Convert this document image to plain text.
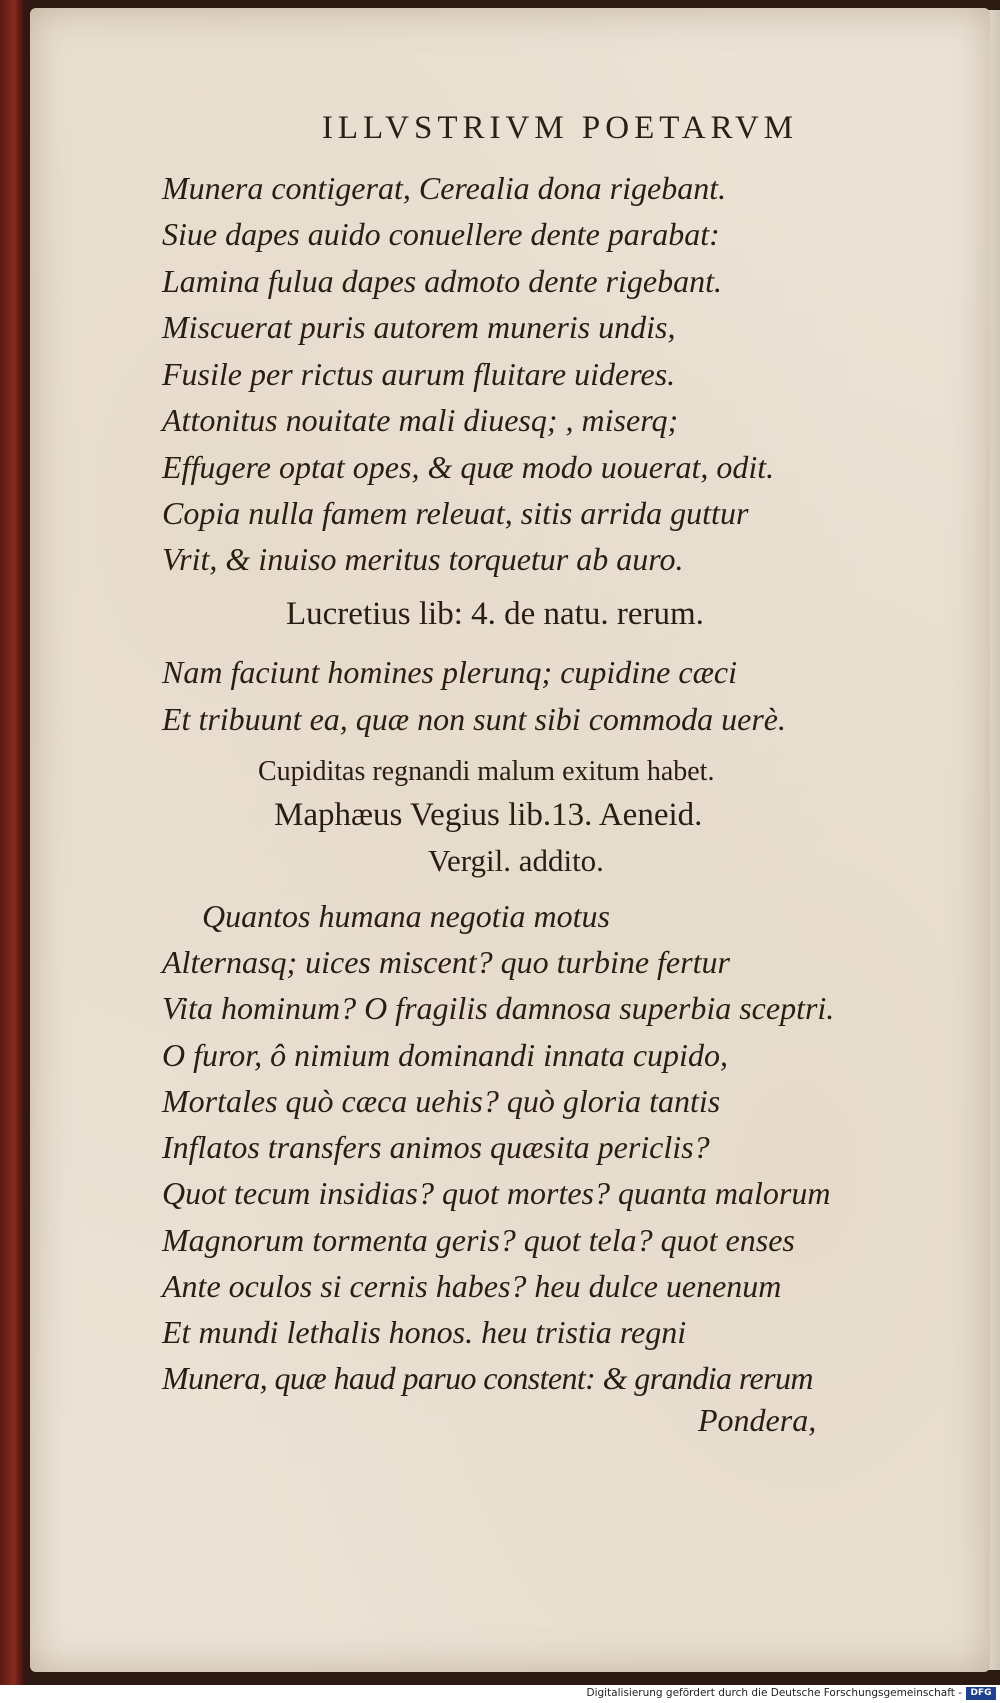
ILLVSTRIVM POETARVM
Munera contigerat, Cerealia dona rigebant.
Siue dapes auido conuellere dente parabat:
Lamina fulua dapes admoto dente rigebant.
Miscuerat puris autorem muneris undis,
Fusile per rictus aurum fluitare uideres.
Attonitus nouitate mali diuesq; , miserq;
Effugere optat opes, & quæ modo uouerat, odit.
Copia nulla famem releuat, sitis arrida guttur
Vrit, & inuiso meritus torquetur ab auro.
Lucretius lib: 4. de natu. rerum.
Nam faciunt homines plerunq; cupidine cæci
Et tribuunt ea, quæ non sunt sibi commoda uerè.
Cupiditas regnandi malum exitum habet.
Maphæus Vegius lib.13. Aeneid.
Vergil. addito.
Quantos humana negotia motus
Alternasq; uices miscent? quo turbine fertur
Vita hominum? O fragilis damnosa superbia sceptri.
O furor, ô nimium dominandi innata cupido,
Mortales quò cæca uehis? quò gloria tantis
Inflatos transfers animos quæsita periclis?
Quot tecum insidias? quot mortes? quanta malorum
Magnorum tormenta geris? quot tela? quot enses
Ante oculos si cernis habes? heu dulce uenenum
Et mundi lethalis honos. heu tristia regni
Munera, quæ haud paruo constent: & grandia rerum
Pondera,
Digitalisierung gefördert durch die Deutsche Forschungsgemeinschaft - DFG
